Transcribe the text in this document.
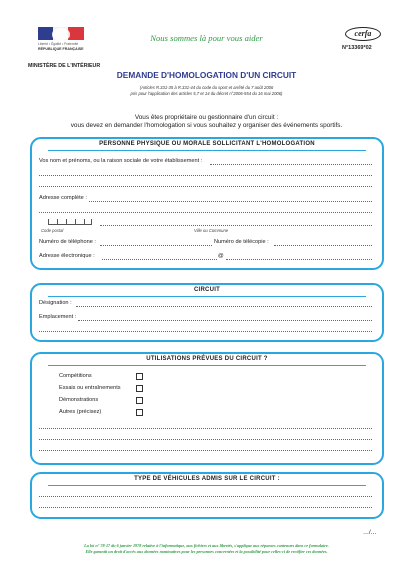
Liberté • Égalité • Fraternité
RÉPUBLIQUE FRANÇAISE
MINISTÈRE DE L'INTÉRIEUR
Nous sommes là pour vous aider	cerfa
N°13369*02
DEMANDE D'HOMOLOGATION D'UN CIRCUIT
(Articles R.331-35 à R.331-44 du code du sport et arrêté du 7 août 2006
pris pour l'application des articles 5,7 et 14 du décret n°2006-554 du 16 mai 2006)
Vous êtes propriétaire ou gestionnaire d'un circuit :
vous devez en demander l'homologation si vous souhaitez y organiser des événements sportifs.
PERSONNE PHYSIQUE OU MORALE SOLLICITANT L'HOMOLOGATION
Vos nom et prénoms, ou la raison sociale de votre établissement :
Adresse complète :
Code postal	Ville ou Commune
Numéro de téléphone :	Numéro de télécopie :
Adresse électronique :	@
CIRCUIT
Désignation :
Emplacement :
UTILISATIONS PRÉVUES DU CIRCUIT ?
Compétitions
Essais ou entraînements
Démonstrations
Autres (précisez)
TYPE DE VÉHICULES ADMIS SUR LE CIRCUIT :
…/…
La loi n° 78-17 du 6 janvier 1978 relative à l'informatique, aux fichiers et aux libertés, s'applique aux réponses contenues dans ce formulaire.
Elle garantit un droit d'accès aux données nominatives pour les personnes concernées et la possibilité pour celles-ci de rectifier ces données.
